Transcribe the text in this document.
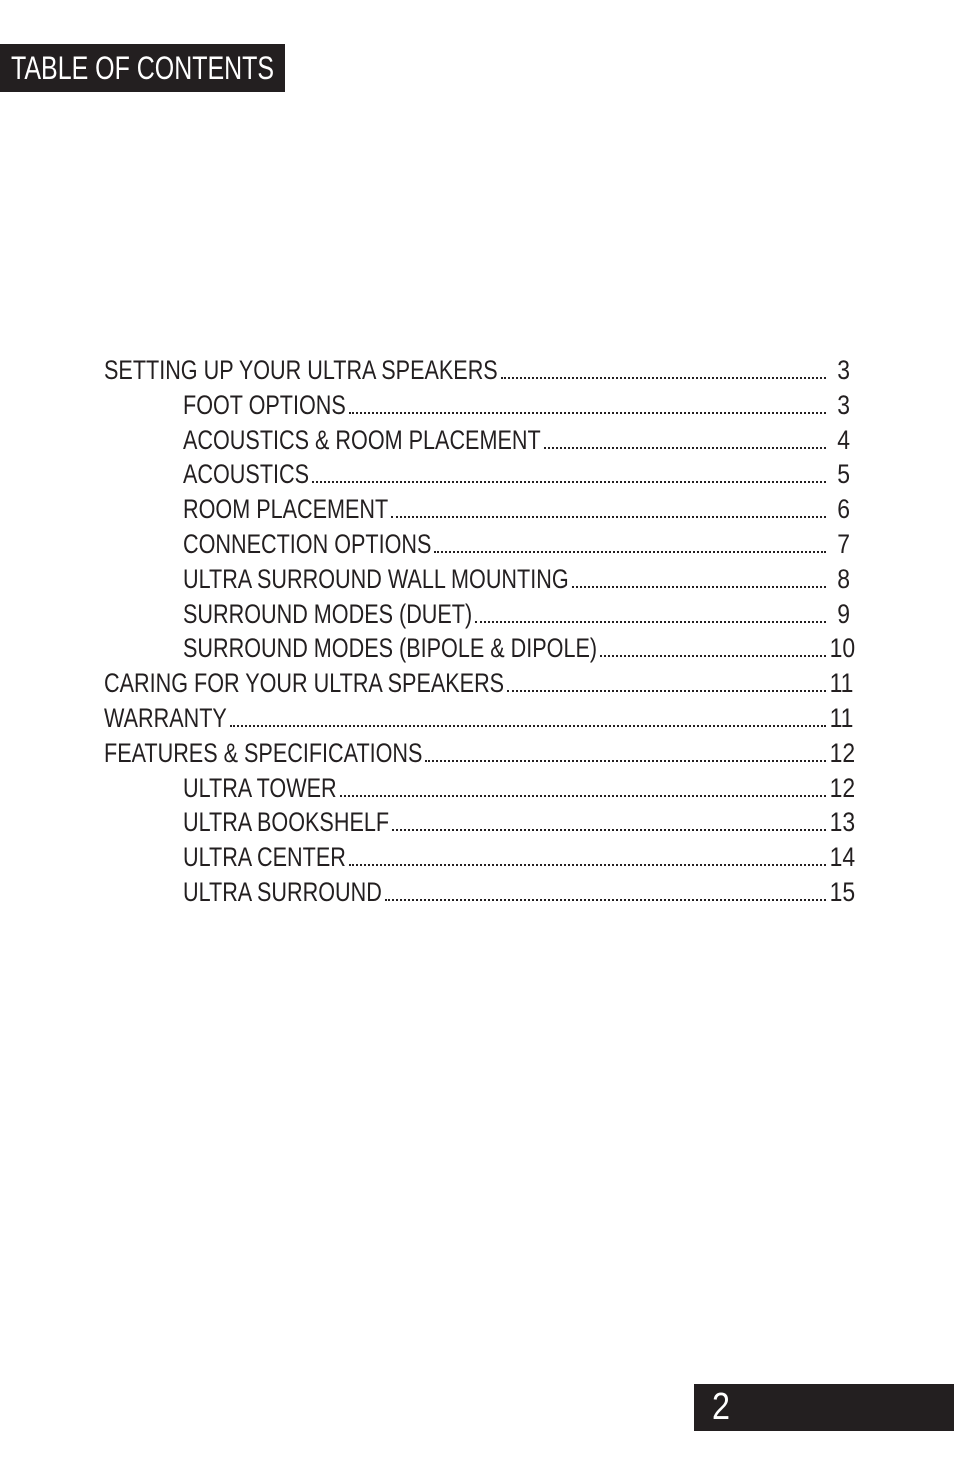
TABLE OF CONTENTS
SETTING UP YOUR ULTRA SPEAKERS	3
FOOT OPTIONS	3
ACOUSTICS & ROOM PLACEMENT	4
ACOUSTICS	5
ROOM PLACEMENT	6
CONNECTION OPTIONS	7
ULTRA SURROUND WALL MOUNTING	8
SURROUND MODES (DUET)	9
SURROUND MODES (BIPOLE & DIPOLE)	10
CARING FOR YOUR ULTRA SPEAKERS	11
WARRANTY	11
FEATURES & SPECIFICATIONS	12
ULTRA TOWER	12
ULTRA BOOKSHELF	13
ULTRA CENTER	14
ULTRA SURROUND	15
2
